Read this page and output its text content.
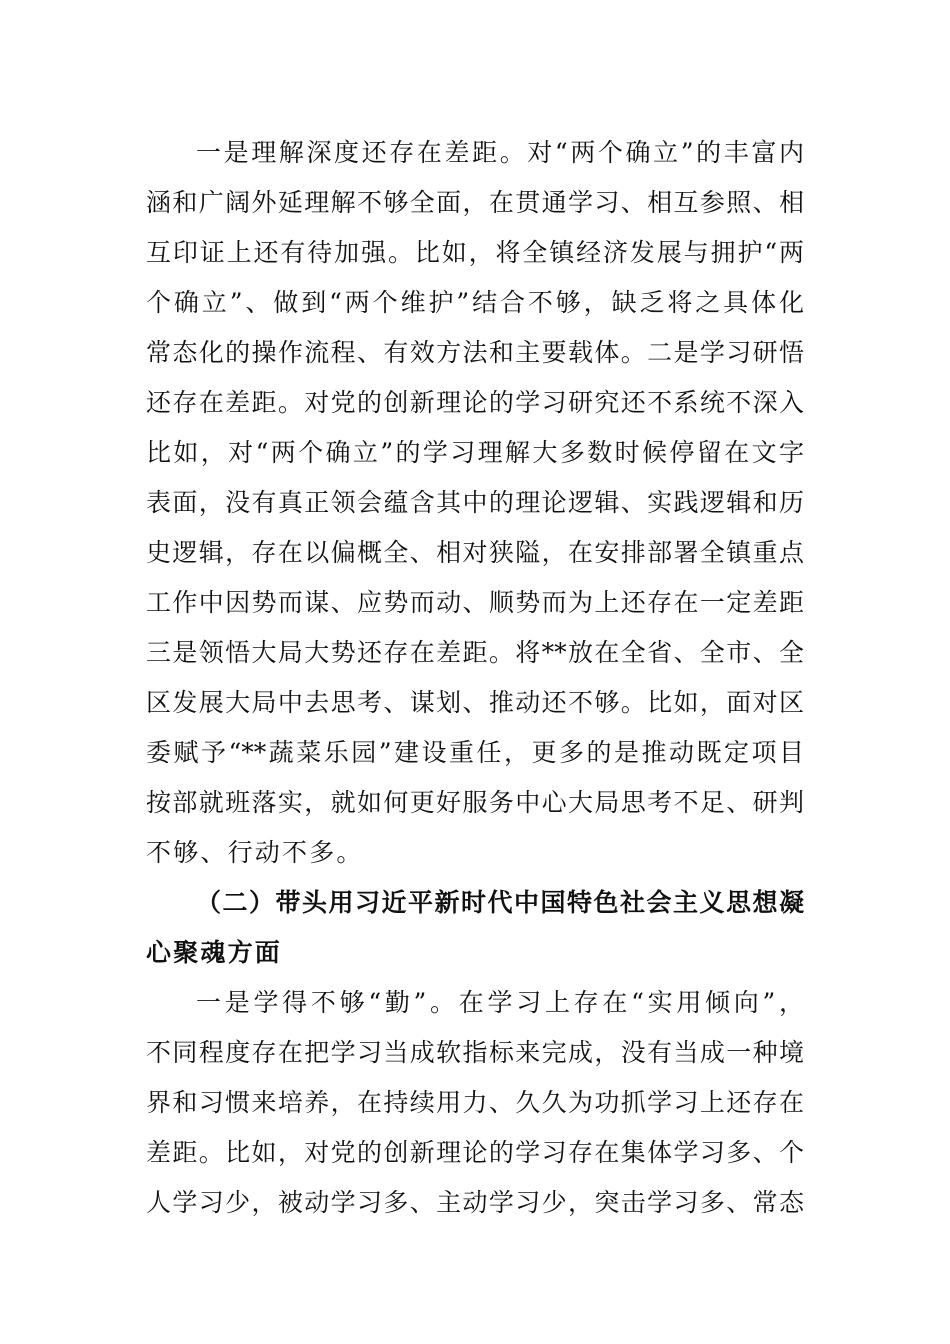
一是理解深度还存在差距。对“两个确立”的丰富内
涵和广阔外延理解不够全面，在贯通学习、相互参照、相
互印证上还有待加强。比如，将全镇经济发展与拥护“两
个确立”、做到“两个维护”结合不够，缺乏将之具体化
常态化的操作流程、有效方法和主要载体。二是学习研悟
还存在差距。对党的创新理论的学习研究还不系统不深入
比如，对“两个确立”的学习理解大多数时候停留在文字
表面，没有真正领会蕴含其中的理论逻辑、实践逻辑和历
史逻辑，存在以偏概全、相对狭隘，在安排部署全镇重点
工作中因势而谋、应势而动、顺势而为上还存在一定差距
三是领悟大局大势还存在差距。将**放在全省、全市、全
区发展大局中去思考、谋划、推动还不够。比如，面对区
委赋予“**蔬菜乐园”建设重任，更多的是推动既定项目
按部就班落实，就如何更好服务中心大局思考不足、研判
不够、行动不多。
（二）带头用习近平新时代中国特色社会主义思想凝
心聚魂方面
一是学得不够“勤”。在学习上存在“实用倾向”，
不同程度存在把学习当成软指标来完成，没有当成一种境
界和习惯来培养，在持续用力、久久为功抓学习上还存在
差距。比如，对党的创新理论的学习存在集体学习多、个
人学习少，被动学习多、主动学习少，突击学习多、常态
